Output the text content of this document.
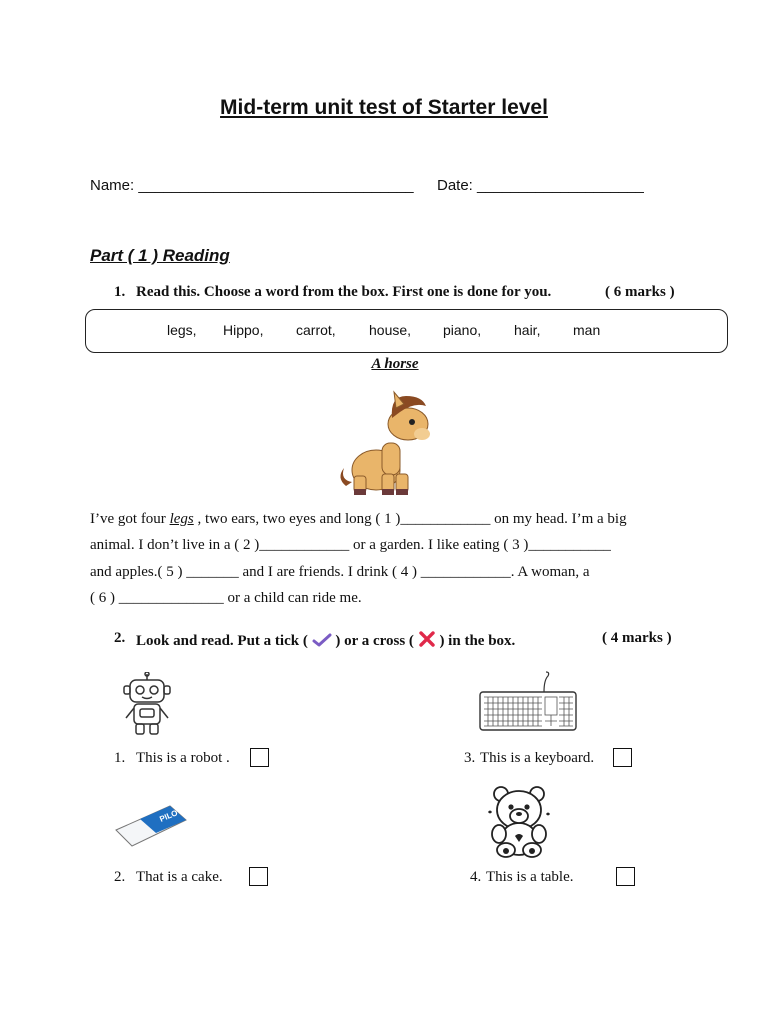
Mid-term unit test of Starter level
Name: _________________________________ Date: ____________________
Part ( 1 ) Reading
1. Read this. Choose a word from the box. First one is done for you.	( 6 marks )
legs, Hippo, carrot, house, piano, hair, man
A horse
I’ve got four legs , two ears, two eyes and long ( 1 )____________ on my head. I’m a big
animal. I don’t live in a ( 2 )____________ or a garden. I like eating ( 3 )___________
and apples.( 5 ) _______ and I are friends. I drink ( 4 ) ____________. A woman, a
( 6 ) ______________ or a child can ride me.
2. Look and read. Put a tick ( ) or a cross ( ) in the box.	( 4 marks )
PILOT
1. This is a robot .	3. This is a keyboard.
2. That is a cake.	4. This is a table.
